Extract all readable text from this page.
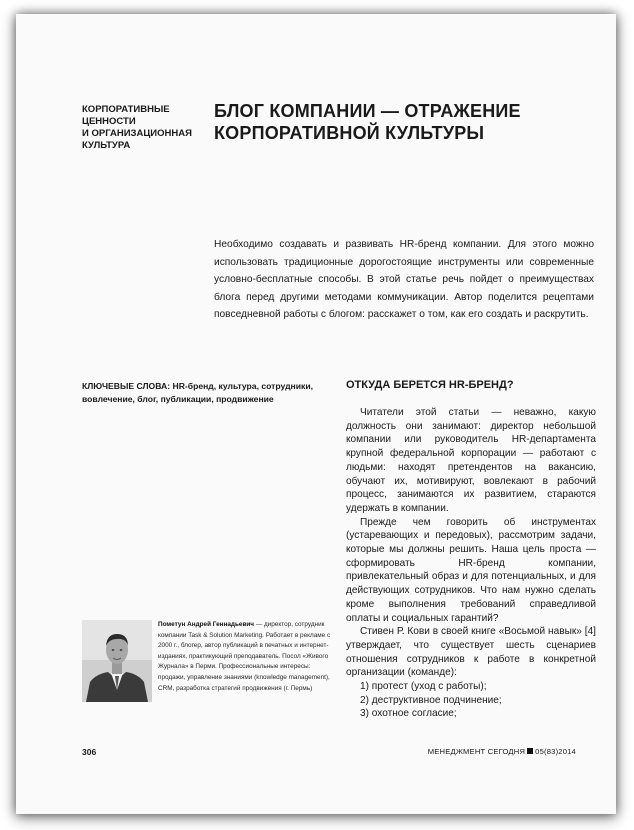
КОРПОРАТИВНЫЕ
ЦЕННОСТИ
И ОРГАНИЗАЦИОННАЯ
КУЛЬТУРА
БЛОГ КОМПАНИИ — ОТРАЖЕНИЕ
КОРПОРАТИВНОЙ КУЛЬТУРЫ
Необходимо создавать и развивать HR-бренд компании. Для этого можно использовать традиционные дорогостоящие инструменты или современные условно-бесплатные способы. В этой статье речь пойдет о преимуществах блога перед другими методами коммуникации. Автор поделится рецептами повседневной работы с блогом: расскажет о том, как его создать и раскрутить.
КЛЮЧЕВЫЕ СЛОВА: HR-бренд, культура, сотрудники, вовлечение, блог, публикации, продвижение
Пометун Андрей Геннадьевич — директор, сотрудник компании Task & Solution Marketing. Работает в рекламе с 2000 г., блогер, автор публикаций в печатных и интернет-изданиях, практикующий преподаватель. Посол «Живого Журнала» в Перми. Профессиональные интересы: продажи, управление знаниями (knowledge management), CRM, разработка стратегий продвижения (г. Пермь)
ОТКУДА БЕРЕТСЯ HR-БРЕНД?

Читатели этой статьи — неважно, какую должность они занимают: директор небольшой компании или руководитель HR-департамента крупной федеральной корпорации — работают с людьми: находят претендентов на вакансию, обучают их, мотивируют, вовлекают в рабочий процесс, занимаются их развитием, стараются удержать в компании.

Прежде чем говорить об инструментах (устаревающих и передовых), рассмотрим задачи, которые мы должны решить. Наша цель проста — сформировать HR-бренд компании, привлекательный образ и для потенциальных, и для действующих сотрудников. Что нам нужно сделать кроме выполнения требований справедливой оплаты и социальных гарантий?

Стивен Р. Кови в своей книге «Восьмой навык» [4] утверждает, что существует шесть сценариев отношения сотрудников к работе в конкретной организации (команде):

1) протест (уход с работы);

2) деструктивное подчинение;

3) охотное согласие;

306	МЕНЕДЖМЕНТ СЕГОДНЯ 05(83)2014
